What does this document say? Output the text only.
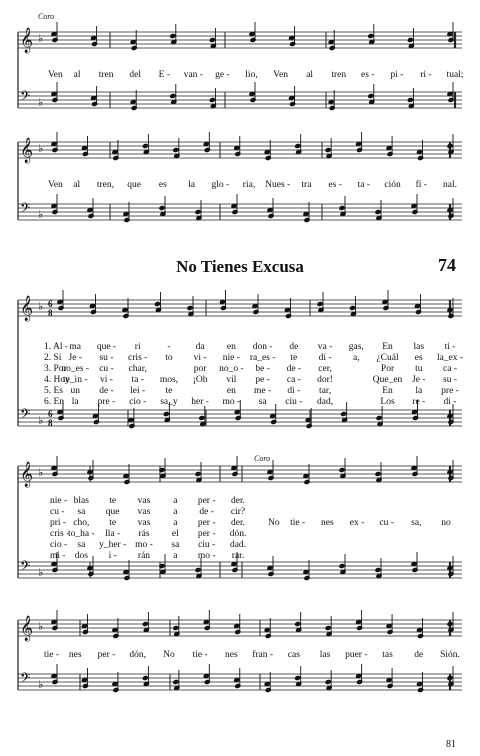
𝄞 ♭
𝄢 ♭
Coro
Ven al tren del E - van - ge - lio, Ven al tren es - pi - ri - tual;
𝄞 ♭
𝄢 ♭
Ven al tren, que es la glo - ria, Nues - tra es - ta - ción fi - nal.
No Tienes Excusa	74
𝄞 ♭ 6
8
𝄢 ♭ 6
8
1. Al - ma que - ri	-	da en don - de va - gas, En las ti -
2. Si Je - su - cris - to vi - nie - ra_es - te dí - a, ¿Cuál es la_ex -
3. Por
no_es - cu - char,	por no_o - be - de - cer,	Por tu ca -
4. Hoy
te_in - vi - ta - mos, ¡Oh vil pe - ca - dor!	Que_en Je - su -
5. Es un de - lei - te	en me - di - tar,	En la pre -
6. En la pre - cio - sa_y her - mo - sa ciu - dad,	Los re - di -
𝄞 ♭
𝄢 ♭
Coro
nie - blas te vas a per - der.
cu - sa que vas a de - cir?
pri - cho, te vas a per - der.
cris -
to_ha - lla - rás el per - dón.
cio - sa y_her - mo - sa ciu - dad.
mi - dos i - rán a mo - rar.
No tie - nes ex - cu - sa, no
𝄞 ♭
𝄢 ♭
tie - nes per - dón, No tie - nes fran - cas las puer - tas de Sión.
81
